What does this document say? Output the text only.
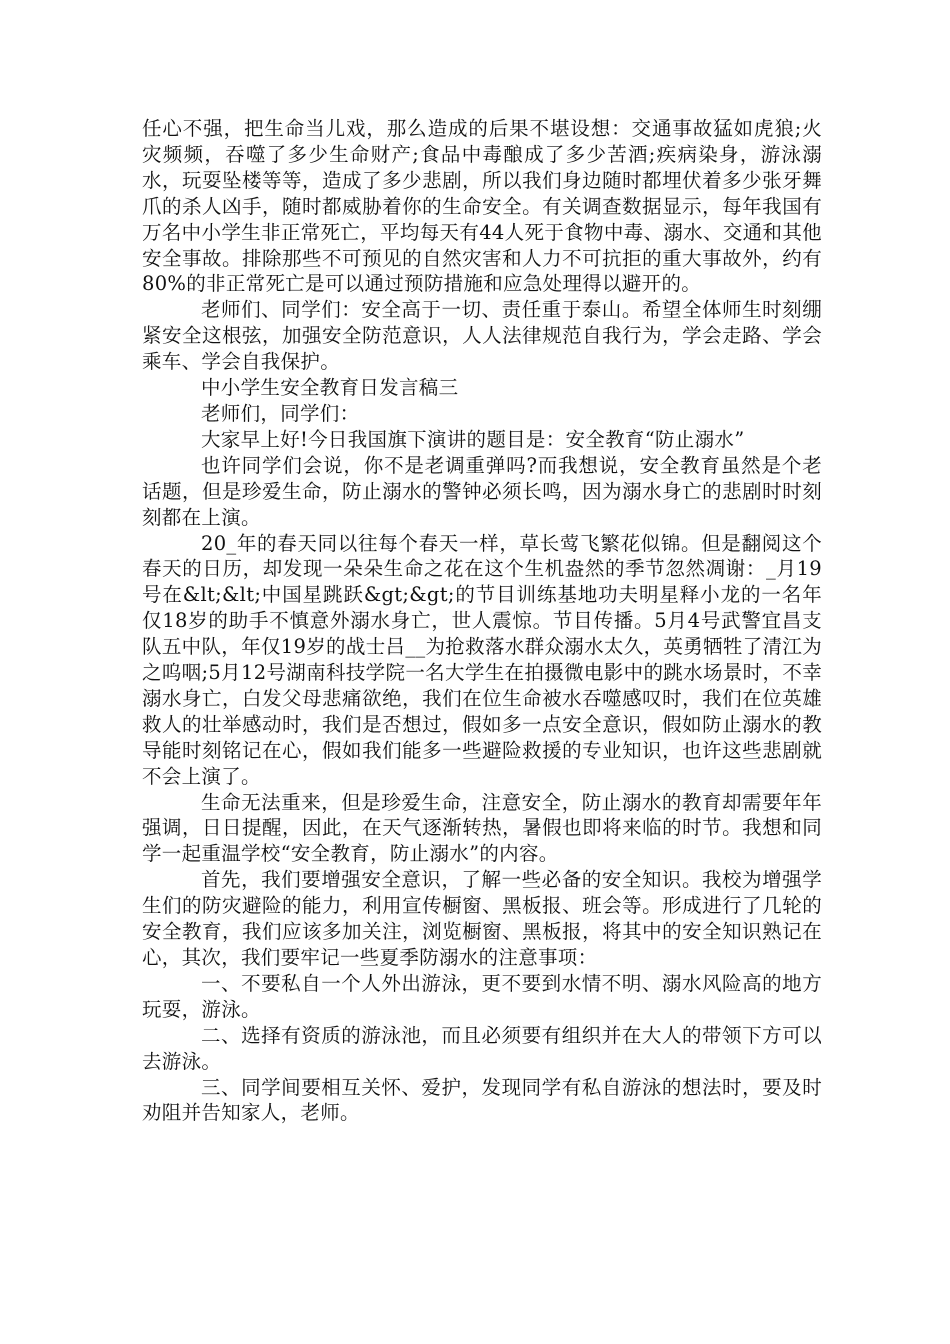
任心不强，把生命当儿戏，那么造成的后果不堪设想：交通事故猛如虎狼;火灾频频，吞噬了多少生命财产;食品中毒酿成了多少苦酒;疾病染身，游泳溺水，玩耍坠楼等等，造成了多少悲剧，所以我们身边随时都埋伏着多少张牙舞爪的杀人凶手，随时都威胁着你的生命安全。有关调查数据显示，每年我国有万名中小学生非正常死亡，平均每天有44人死于食物中毒、溺水、交通和其他安全事故。排除那些不可预见的自然灾害和人力不可抗拒的重大事故外，约有80%的非正常死亡是可以通过预防措施和应急处理得以避开的。

老师们、同学们：安全高于一切、责任重于泰山。希望全体师生时刻绷紧安全这根弦，加强安全防范意识，人人法律规范自我行为，学会走路、学会乘车、学会自我保护。

中小学生安全教育日发言稿三

老师们，同学们：

大家早上好!今日我国旗下演讲的题目是：安全教育“防止溺水”

也许同学们会说，你不是老调重弹吗?而我想说，安全教育虽然是个老话题，但是珍爱生命，防止溺水的警钟必须长鸣，因为溺水身亡的悲剧时时刻刻都在上演。

20_年的春天同以往每个春天一样，草长莺飞繁花似锦。但是翻阅这个春天的日历，却发现一朵朵生命之花在这个生机盎然的季节忽然凋谢：_月19号在&lt;&lt;中国星跳跃&gt;&gt;的节目训练基地功夫明星释小龙的一名年仅18岁的助手不慎意外溺水身亡，世人震惊。节目传播。5月4号武警宜昌支队五中队，年仅19岁的战士吕__为抢救落水群众溺水太久，英勇牺牲了清江为之呜咽;5月12号湖南科技学院一名大学生在拍摄微电影中的跳水场景时，不幸溺水身亡，白发父母悲痛欲绝，我们在位生命被水吞噬感叹时，我们在位英雄救人的壮举感动时，我们是否想过，假如多一点安全意识，假如防止溺水的教导能时刻铭记在心，假如我们能多一些避险救援的专业知识，也许这些悲剧就不会上演了。

生命无法重来，但是珍爱生命，注意安全，防止溺水的教育却需要年年强调，日日提醒，因此，在天气逐渐转热，暑假也即将来临的时节。我想和同学一起重温学校“安全教育，防止溺水”的内容。

首先，我们要增强安全意识，了解一些必备的安全知识。我校为增强学生们的防灾避险的能力，利用宣传橱窗、黑板报、班会等。形成进行了几轮的安全教育，我们应该多加关注，浏览橱窗、黑板报，将其中的安全知识熟记在心，其次，我们要牢记一些夏季防溺水的注意事项：

一、不要私自一个人外出游泳，更不要到水情不明、溺水风险高的地方玩耍，游泳。

二、选择有资质的游泳池，而且必须要有组织并在大人的带领下方可以去游泳。

三、同学间要相互关怀、爱护，发现同学有私自游泳的想法时，要及时劝阻并告知家人，老师。
